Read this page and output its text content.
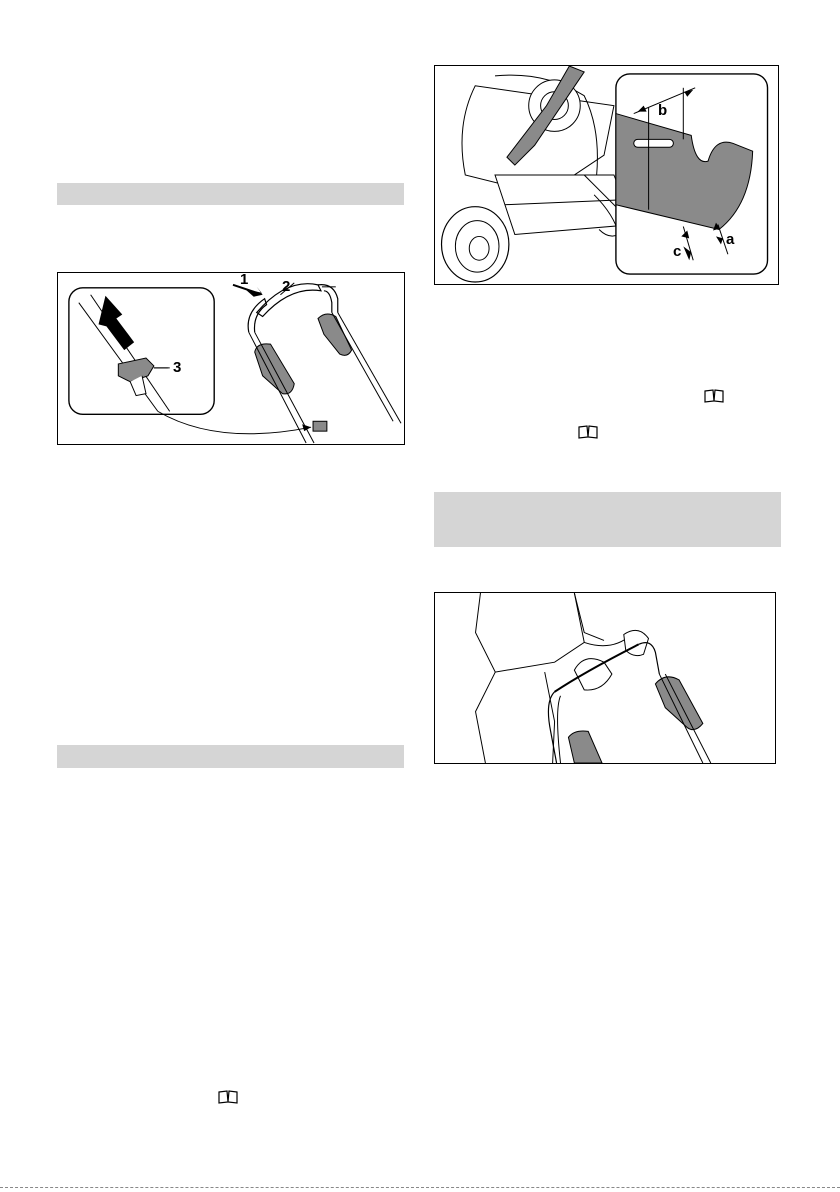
1 2
3
b
a
c
